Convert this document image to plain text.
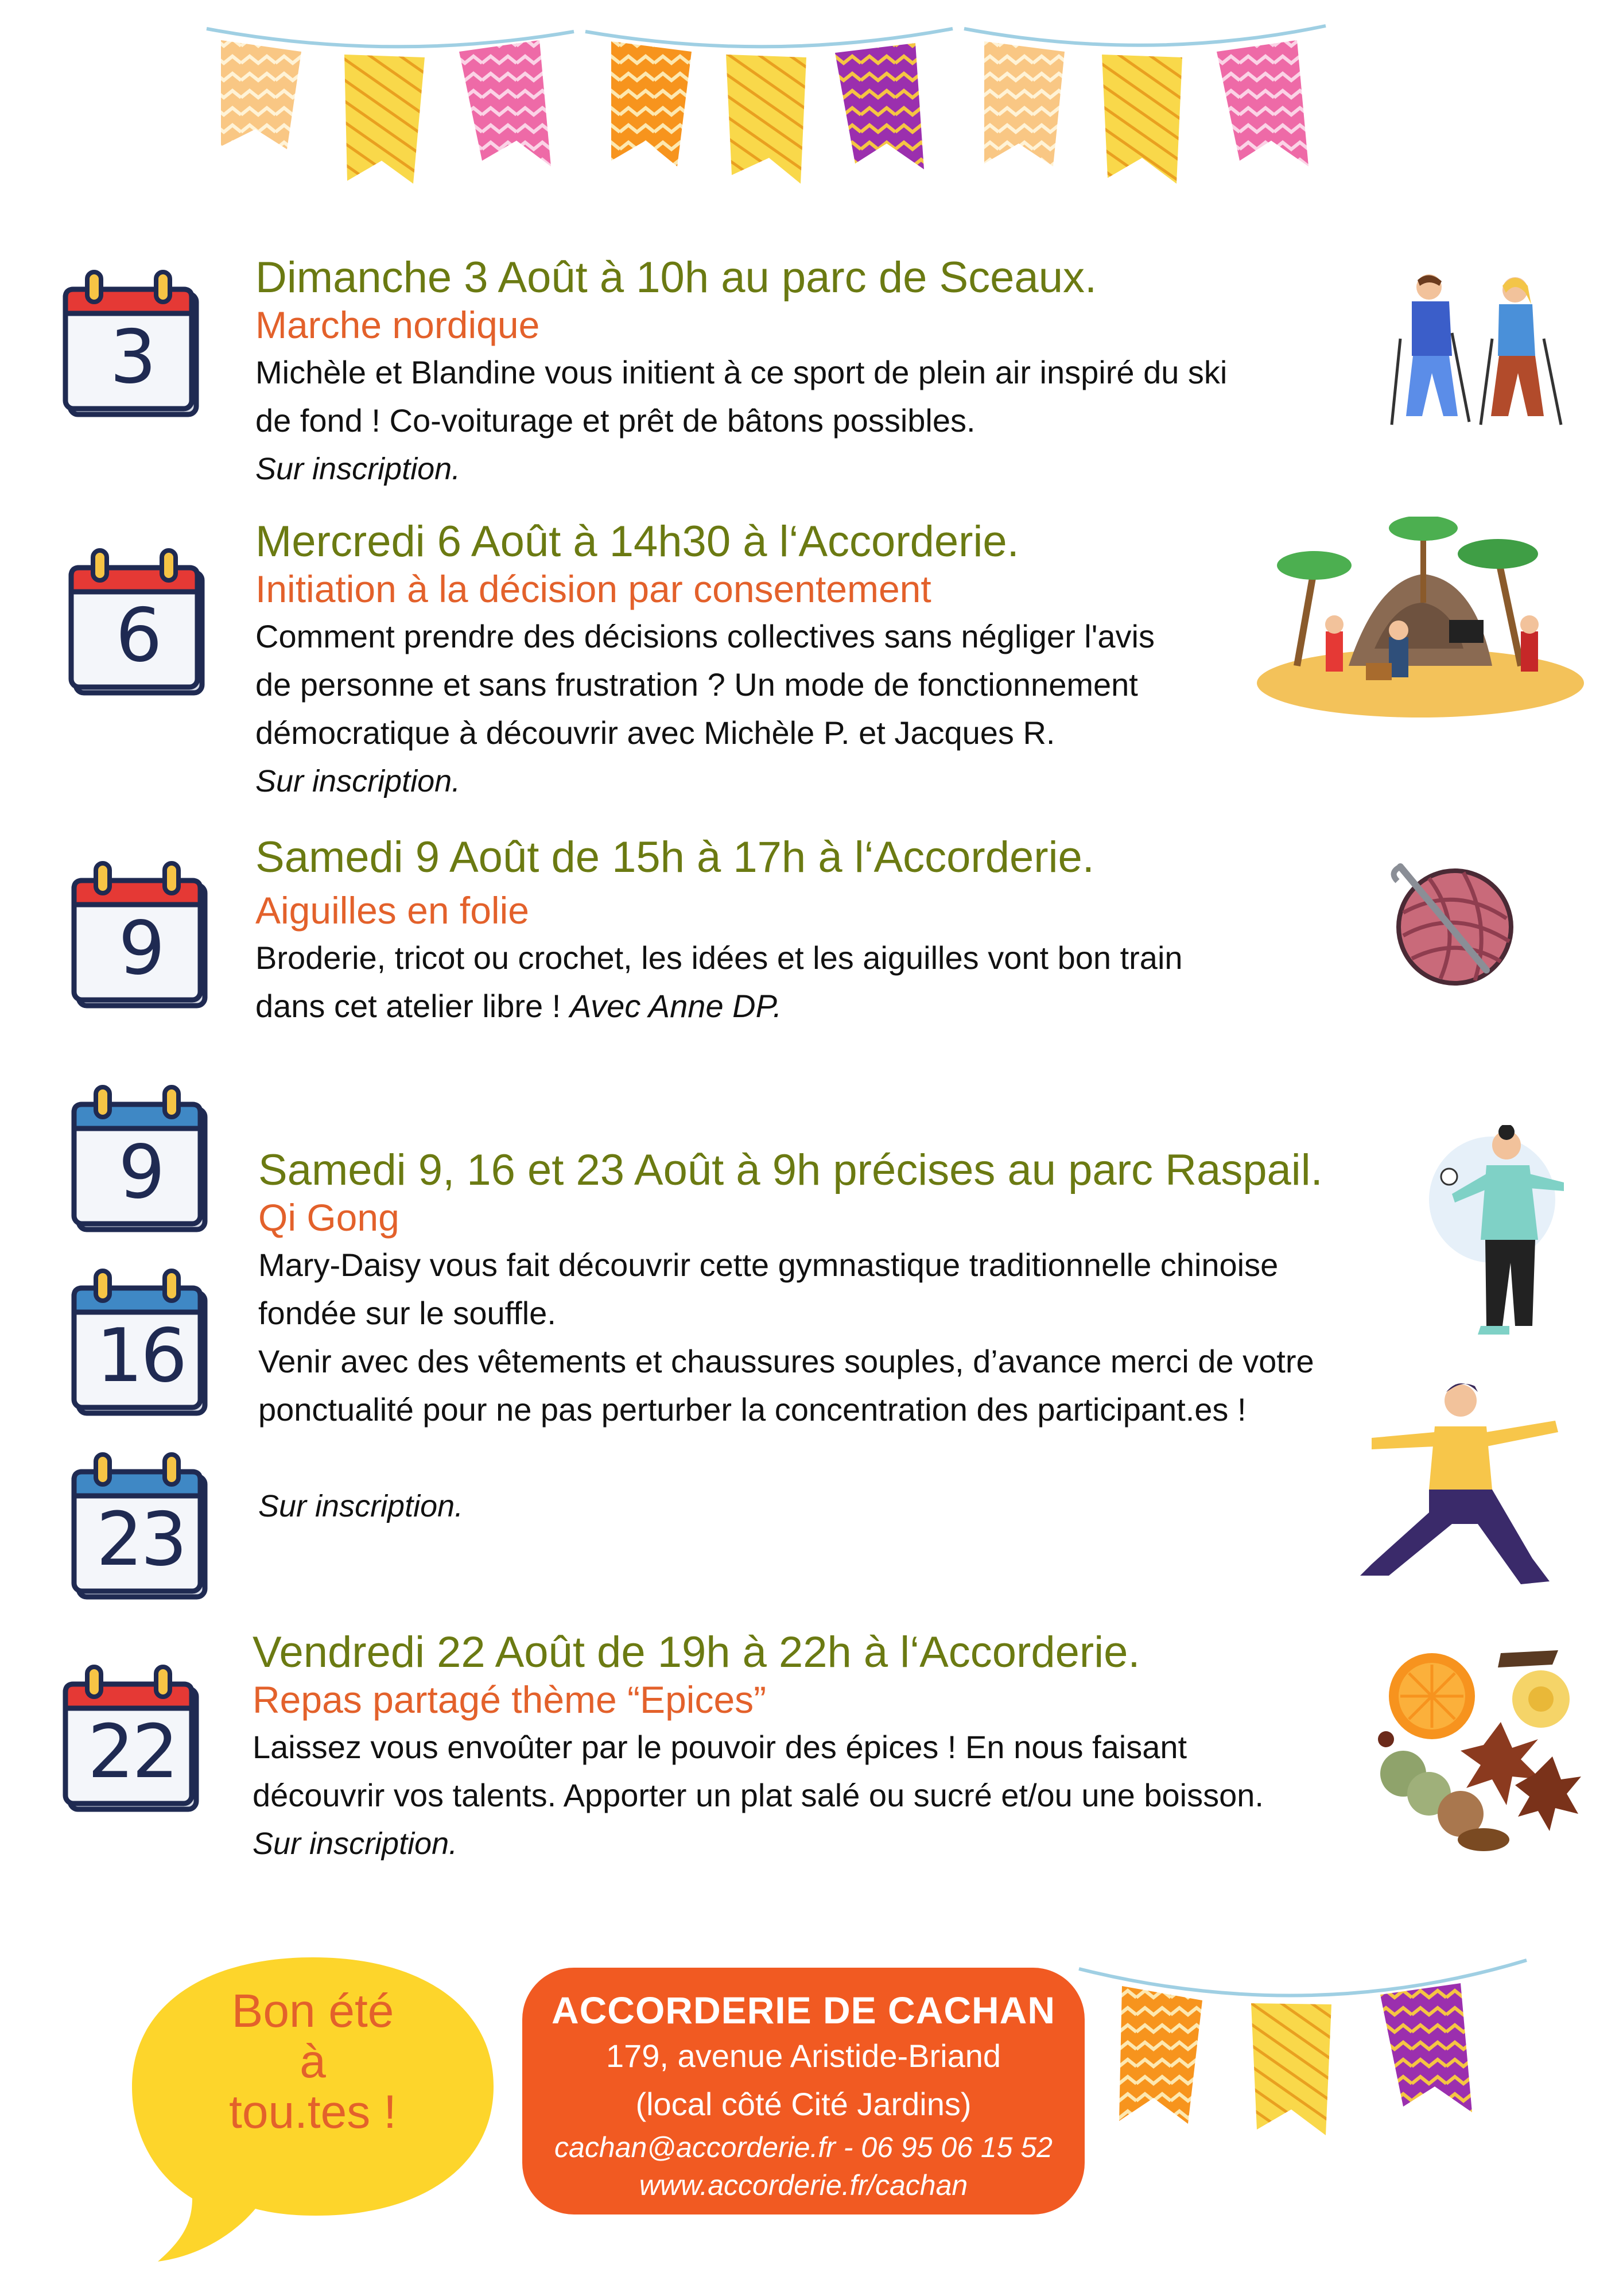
3
6
9
9
16
23
22
Dimanche 3 Août à 10h au parc de Sceaux.
Marche nordique

Michèle et Blandine vous initient à ce sport de plein air inspiré du ski

de fond ! Co-voiturage et prêt de bâtons possibles.

Sur inscription.
Mercredi 6 Août à 14h30 à l‘Accorderie.
Initiation à la décision par consentement

Comment prendre des décisions collectives sans négliger l'avis

de personne et sans frustration ? Un mode de fonctionnement

démocratique à découvrir avec Michèle P. et Jacques R.

Sur inscription.
Samedi 9 Août de 15h à 17h à l‘Accorderie.
Aiguilles en folie

Broderie, tricot ou crochet, les idées et les aiguilles vont bon train

dans cet atelier libre ! Avec Anne DP.

Samedi 9, 16 et 23 Août à 9h précises au parc Raspail.
Qi Gong

Mary-Daisy vous fait découvrir cette gymnastique traditionnelle chinoise

fondée sur le souffle.

Venir avec des vêtements et chaussures souples, d’avance merci de votre

ponctualité pour ne pas perturber la concentration des participant.es !

Sur inscription.
Vendredi 22 Août de 19h à 22h à l‘Accorderie.
Repas partagé thème “Epices”

Laissez vous envoûter par le pouvoir des épices ! En nous faisant

découvrir vos talents. Apporter un plat salé ou sucré et/ou une boisson.

Sur inscription.
Bon été
à
tou.tes !
ACCORDERIE DE CACHAN
179, avenue Aristide-Briand
(local côté Cité Jardins)
cachan@accorderie.fr - 06 95 06 15 52
www.accorderie.fr/cachan
